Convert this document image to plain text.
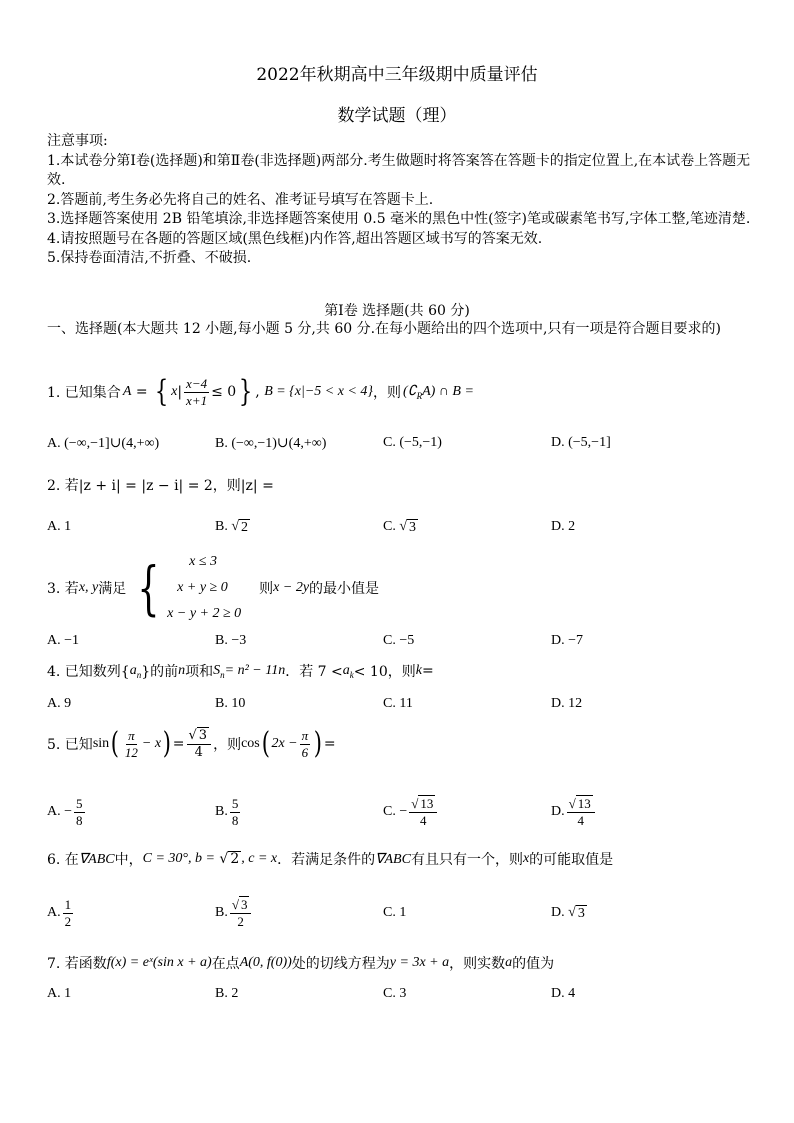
2022年秋期高中三年级期中质量评估
数学试题（理）
注意事项:
1.本试卷分第Ⅰ卷(选择题)和第Ⅱ卷(非选择题)两部分.考生做题时将答案答在答题卡的指定位置上,在本试卷上答题无效.
2.答题前,考生务必先将自己的姓名、准考证号填写在答题卡上.
3.选择题答案使用 2B 铅笔填涂,非选择题答案使用 0.5 毫米的黑色中性(签字)笔或碳素笔书写,字体工整,笔迹清楚.
4.请按照题号在各题的答题区域(黑色线框)内作答,超出答题区域书写的答案无效.
5.保持卷面清洁,不折叠、不破损.
第Ⅰ卷 选择题(共 60 分)
一、选择题(本大题共 12 小题,每小题 5 分,共 60 分.在每小题给出的四个选项中,只有一项是符合题目要求的)
1. 已知集合 A = { x | $\frac{x-4}{x+1} \le 0$ } , B = {x|−5 < x < 4} ，则 $(∁_RA)$ ∩ B =
A. (−∞,−1]∪(4,+∞)	B. (−∞,−1)∪(4,+∞)	C. (−5,−1)	D. (−5,−1]
2. 若|z + i| = |z − i| = 2，则|z| =
A. 1	B. √ 2	C. √ 3	D. 2
3. 若 x, y 满足 {	x ≤ 3
x + y ≥ 0
x − y + 2 ≥ 0
则 x − 2y 的最小值是
A. −1	B. −3	C. −5	D. −7
4. 已知数列{ $a_n$ }的前 n 项和 $S_n = n^2 - 11n$ ．若 $7 < a_k < 10$，则 k =
A. 9	B. 10	C. 11	D. 12
5. 已知 sin ( $\frac{\pi}{12} - x$ ) = $\frac{√ 3}{4}$ ，则 cos ( $2x - \frac{\pi}{6}$ ) =
A. − $\frac{5}{8}$	B. $\frac{5}{8}$	C. − $\frac{√ 13}{4}$	D. $\frac{√ 13}{4}$
6. 在 ∇ABC 中， C = 30°, b = √ 2 , c = x ．若满足条件的 ∇ABC 有且只有一个，则 x 的可能取值是
A. $\frac{1}{2}$	B. $\frac{√ 3}{2}$	C. 1	D. √ 3
7. 若函数 f(x) = eˣ(sin x + a) 在点 A(0, f(0)) 处的切线方程为 y = 3x + a ，则实数 a 的值为
A. 1	B. 2	C. 3	D. 4
